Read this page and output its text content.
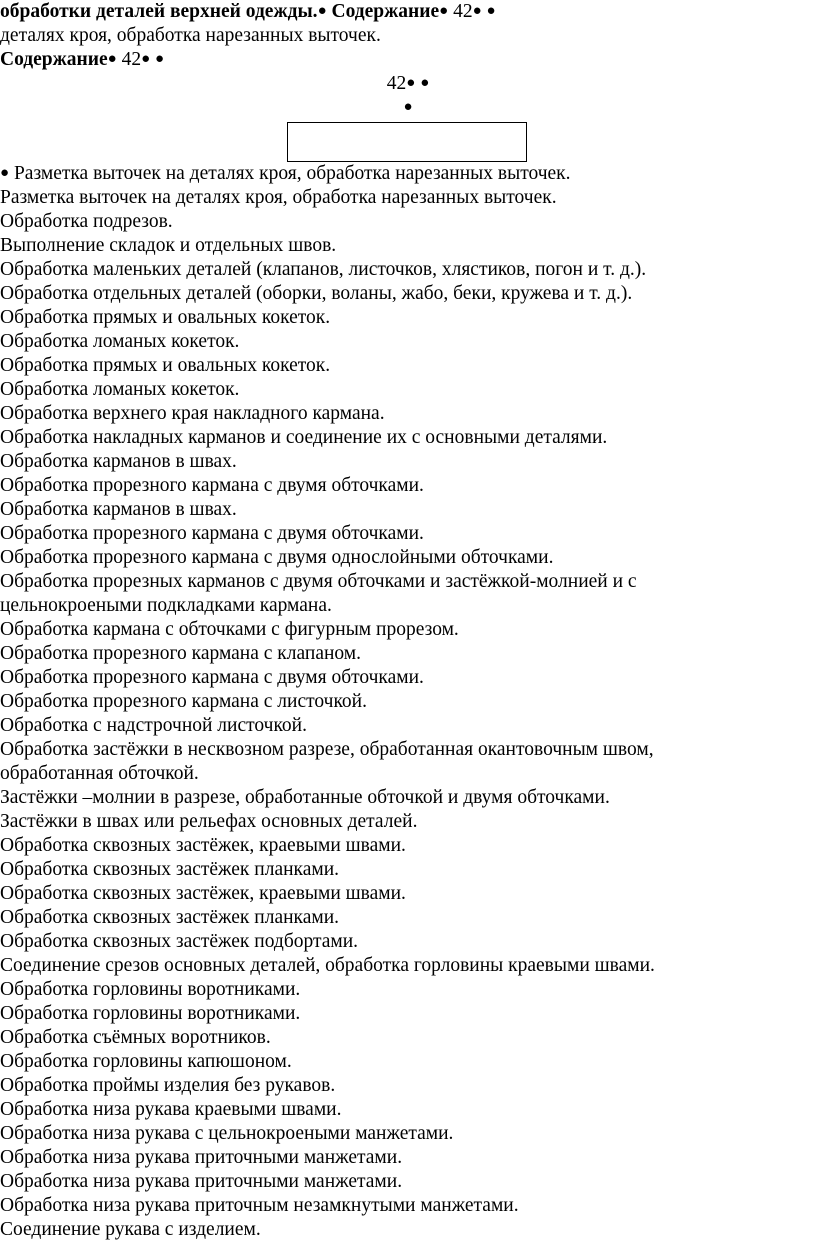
обработки деталей верхней одежды.● Содержание● 42● ●
деталях кроя, обработка нарезанных выточек.
Содержание● 42● ●
42● ●
●
● Разметка выточек на деталях кроя, обработка нарезанных выточек.
Разметка выточек на деталях кроя, обработка нарезанных выточек.
Обработка подрезов.
Выполнение складок и отдельных швов.
Обработка маленьких деталей (клапанов, листочков, хлястиков, погон и т. д.).
Обработка отдельных деталей (оборки, воланы, жабо, беки, кружева и т. д.).
Обработка прямых и овальных кокеток.
Обработка ломаных кокеток.
Обработка прямых и овальных кокеток.
Обработка ломаных кокеток.
Обработка верхнего края накладного кармана.
Обработка накладных карманов и соединение их с основными деталями.
Обработка карманов в швах.
Обработка прорезного кармана с двумя обточками.
Обработка карманов в швах.
Обработка прорезного кармана с двумя обточками.
Обработка прорезного кармана с двумя однослойными обточками.
Обработка прорезных карманов с двумя обточками и застёжкой-молнией и с
цельнокроеными подкладками кармана.
Обработка кармана с обточками с фигурным прорезом.
Обработка прорезного кармана с клапаном.
Обработка прорезного кармана с двумя обточками.
Обработка прорезного кармана с листочкой.
Обработка с надстрочной листочкой.
Обработка застёжки в несквозном разрезе, обработанная окантовочным швом,
обработанная обточкой.
Застёжки –молнии в разрезе, обработанные обточкой и двумя обточками.
Застёжки в швах или рельефах основных деталей.
Обработка сквозных застёжек, краевыми швами.
Обработка сквозных застёжек планками.
Обработка сквозных застёжек, краевыми швами.
Обработка сквозных застёжек планками.
Обработка сквозных застёжек подбортами.
Соединение срезов основных деталей, обработка горловины краевыми швами.
Обработка горловины воротниками.
Обработка горловины воротниками.
Обработка съёмных воротников.
Обработка горловины капюшоном.
Обработка проймы изделия без рукавов.
Обработка низа рукава краевыми швами.
Обработка низа рукава с цельнокроеными манжетами.
Обработка низа рукава приточными манжетами.
Обработка низа рукава приточными манжетами.
Обработка низа рукава приточным незамкнутыми манжетами.
Соединение рукава с изделием.
